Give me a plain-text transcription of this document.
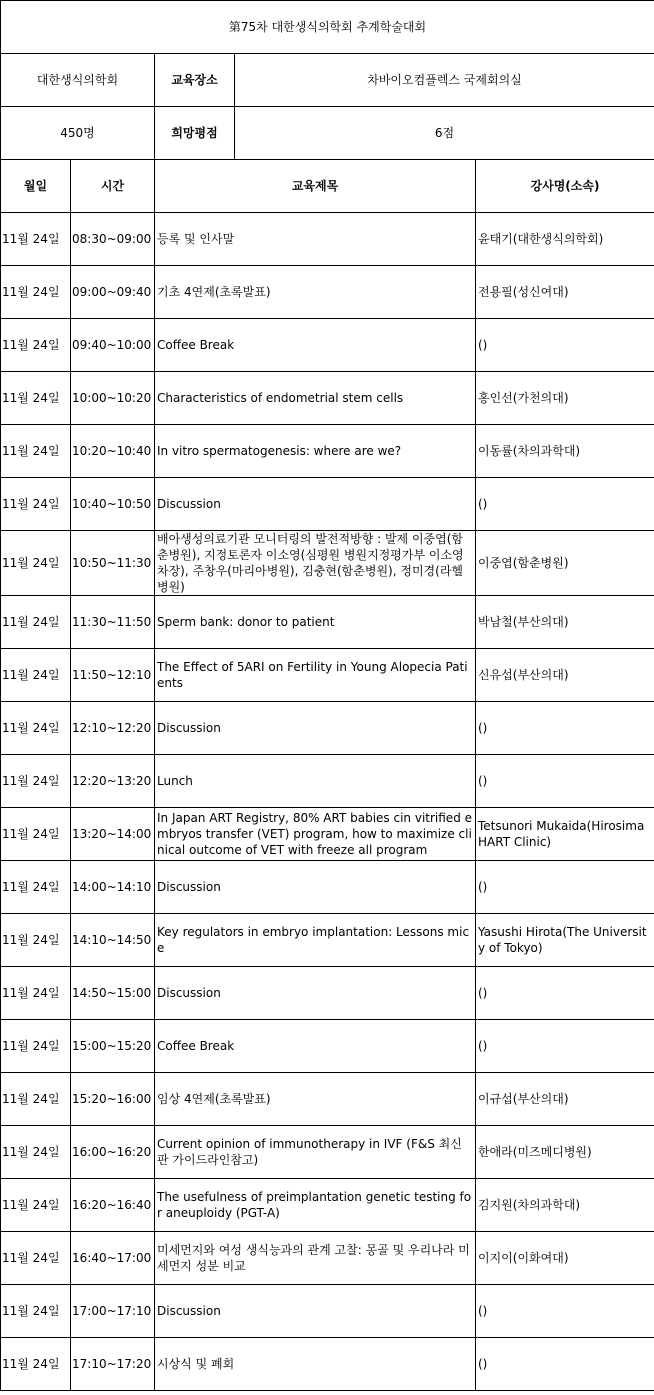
第75차 대한생식의학회 추계학술대회				
대한생식의학회		교육장소	차바이오컴플렉스 국제회의실	
450명		희망평점	6점	
월일	시간	교육제목		강사명(소속)
11월 24일	08:30~09:00	등록 및 인사말		윤태기(대한생식의학회)
11월 24일	09:00~09:40	기초 4연제(초록발표)		전용필(성신여대)
11월 24일	09:40~10:00	Coffee Break		()
11월 24일	10:00~10:20	Characteristics of endometrial stem cells		홍인선(가천의대)
11월 24일	10:20~10:40	In vitro spermatogenesis: where are we?		이동률(차의과학대)
11월 24일	10:40~10:50	Discussion		()
11월 24일	10:50~11:30	배아생성의료기관 모니터링의 발전적방향 : 발제 이중엽(함춘병원), 지정토론자 이소영(심평원 병원지정평가부 이소영차장), 주창우(마리아병원), 김충현(함춘병원), 정미경(라헬병원)		이중엽(함춘병원)
11월 24일	11:30~11:50	Sperm bank: donor to patient		박남철(부산의대)
11월 24일	11:50~12:10	The Effect of 5ARI on Fertility in Young Alopecia Patients		신유섭(부산의대)
11월 24일	12:10~12:20	Discussion		()
11월 24일	12:20~13:20	Lunch		()
11월 24일	13:20~14:00	In Japan ART Registry, 80% ART babies cin vitrified embryos transfer (VET) program, how to maximize clinical outcome of VET with freeze all program		Tetsunori Mukaida(Hirosima HART Clinic)
11월 24일	14:00~14:10	Discussion		()
11월 24일	14:10~14:50	Key regulators in embryo implantation: Lessons mice		Yasushi Hirota(The University of Tokyo)
11월 24일	14:50~15:00	Discussion		()
11월 24일	15:00~15:20	Coffee Break		()
11월 24일	15:20~16:00	임상 4연제(초록발표)		이규섭(부산의대)
11월 24일	16:00~16:20	Current opinion of immunotherapy in IVF (F&S 최신판 가이드라인참고)		한애라(미즈메디병원)
11월 24일	16:20~16:40	The usefulness of preimplantation genetic testing for aneuploidy (PGT-A)		김지원(차의과학대)
11월 24일	16:40~17:00	미세먼지와 여성 생식능과의 관계 고찰: 몽골 및 우리나라 미세먼지 성분 비교		이지이(이화여대)
11월 24일	17:00~17:10	Discussion		()
11월 24일	17:10~17:20	시상식 및 폐회		()
